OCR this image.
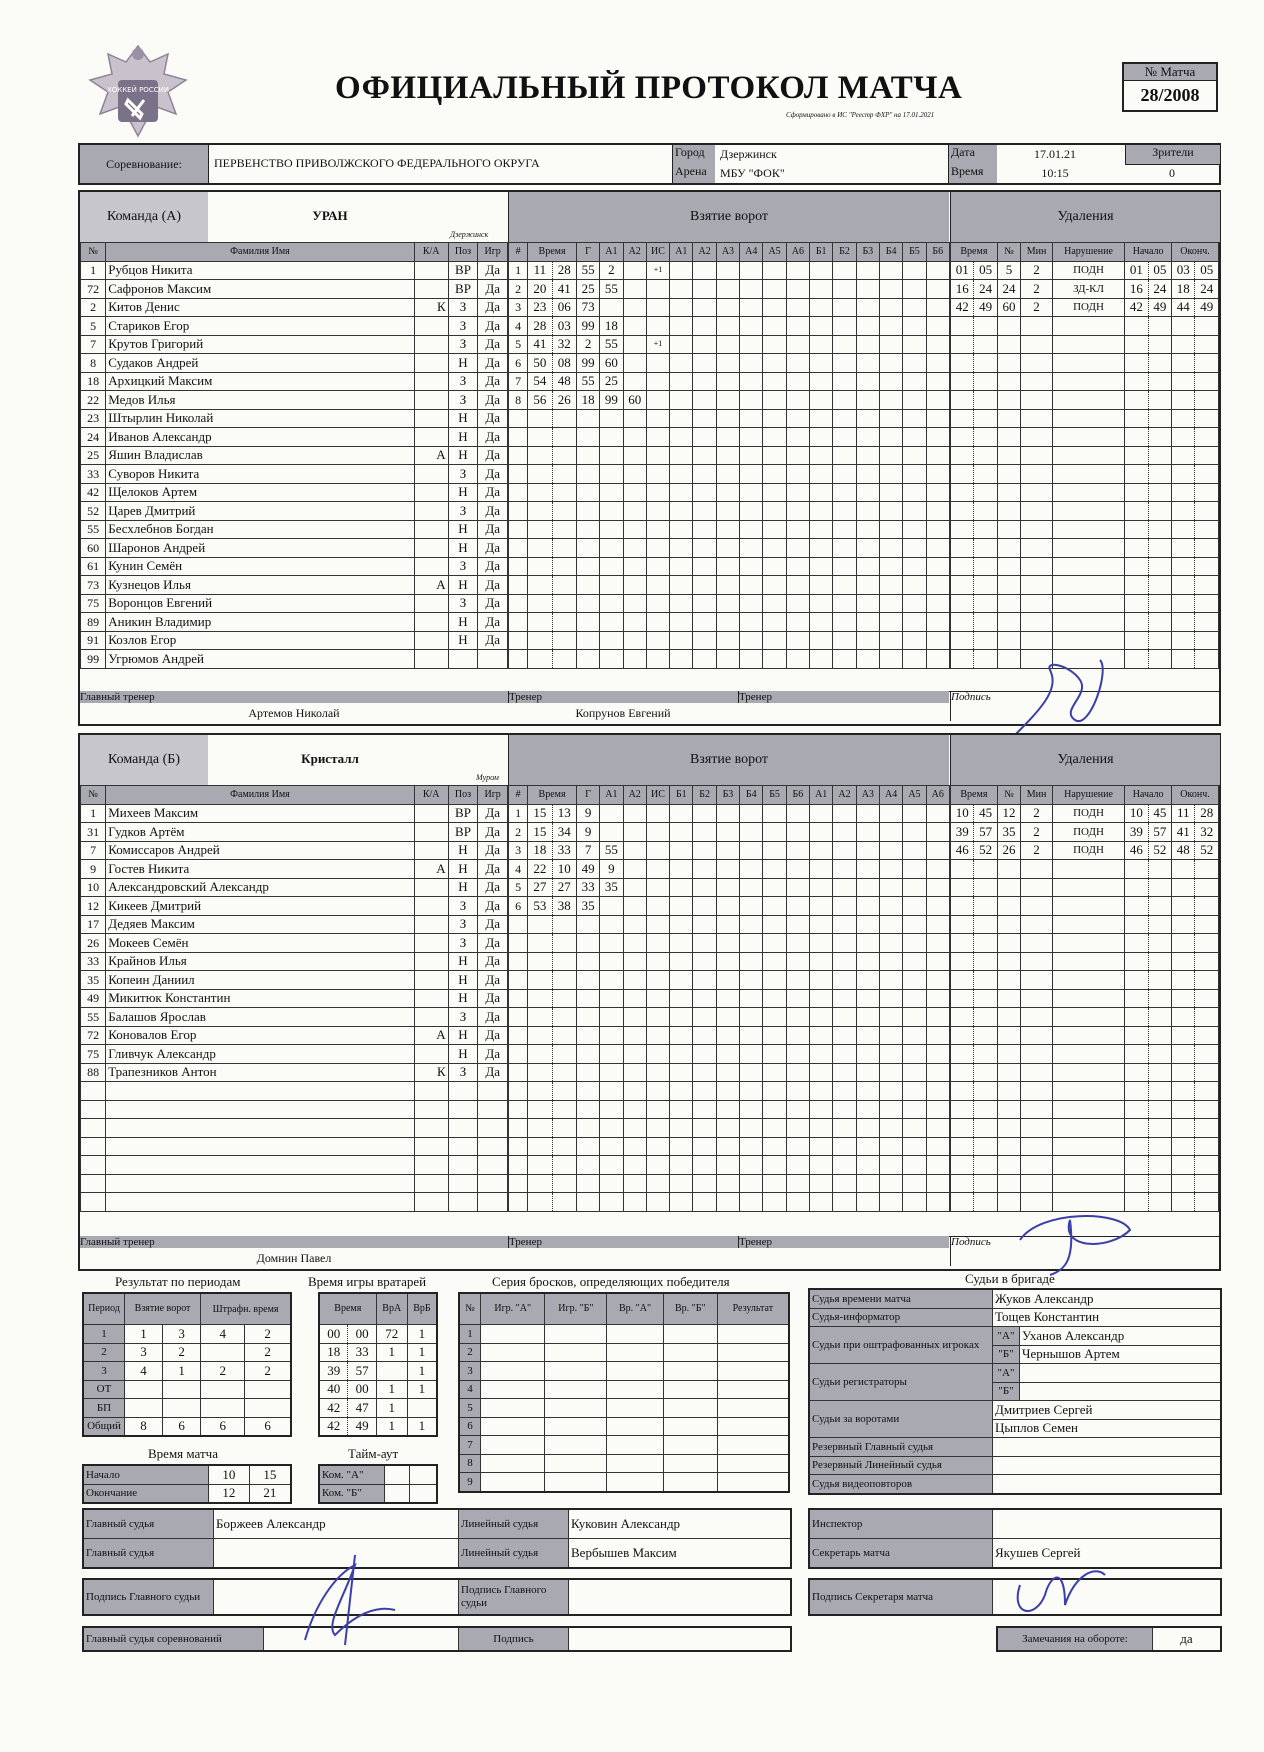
ХОККЕЙ РОССИИ	ОФИЦИАЛЬНЫЙ ПРОТОКОЛ МАТЧА
Сформировано в ИС "Реестр ФХР" на 17.01.2021
№ Матча
28/2008
Соревнование:	ПЕРВЕНСТВО ПРИВОЛЖСКОГО ФЕДЕРАЛЬНОГО ОКРУГА
Город	Дзержинск
Арена	МБУ "ФОК"
Дата	17.01.21
Время	10:15
Зрители
0
Команда (А)	УРАН
Дзержинск
Взятие ворот	Удаления
№	Фамилия Имя	К/А	Поз	Игр
1	Рубцов Никита		ВР	Да
72	Сафронов Максим		ВР	Да
2	Китов Денис	К	З	Да
5	Стариков Егор		З	Да
7	Крутов Григорий		З	Да
8	Судаков Андрей		Н	Да
18	Архицкий Максим		З	Да
22	Медов Илья		З	Да
23	Штырлин Николай		Н	Да
24	Иванов Александр		Н	Да
25	Яшин Владислав	А	Н	Да
33	Суворов Никита		З	Да
42	Щелоков Артем		Н	Да
52	Царев Дмитрий		З	Да
55	Бесхлебнов Богдан		Н	Да
60	Шаронов Андрей		Н	Да
61	Кунин Семён		З	Да
73	Кузнецов Илья	А	Н	Да
75	Воронцов Евгений		З	Да
89	Аникин Владимир		Н	Да
91	Козлов Егор		Н	Да
99	Угрюмов Андрей			
#	Время		Г	А1	А2	ИС	А1	А2	А3	А4	А5	А6	Б1	Б2	Б3	Б4	Б5	Б6
1	11	28	55	2		+1												
2	20	41	25	55														
3	23	06	73															
4	28	03	99	18														
5	41	32	2	55		+1												
6	50	08	99	60														
7	54	48	55	25														
8	56	26	18	99	60													

Время		№	Мин	Нарушение	Начало		Оконч.	
01	05	5	2	ПОДН	01	05	03	05
16	24	24	2	ЗД-КЛ	16	24	18	24
42	49	60	2	ПОДН	42	49	44	49

Главный тренер
Артемов Николай
Тренер
Копрунов Евгений
Тренер	Подпись
Команда (Б)	Кристалл
Муром
Взятие ворот	Удаления
№	Фамилия Имя	К/А	Поз	Игр
1	Михеев Максим		ВР	Да
31	Гудков Артём		ВР	Да
7	Комиссаров Андрей		Н	Да
9	Гостев Никита	А	Н	Да
10	Александровский Александр		Н	Да
12	Кикеев Дмитрий		З	Да
17	Дедяев Максим		З	Да
26	Мокеев Семён		З	Да
33	Крайнов Илья		Н	Да
35	Копеин Даниил		Н	Да
49	Микитюк Константин		Н	Да
55	Балашов Ярослав		З	Да
72	Коновалов Егор	А	Н	Да
75	Гливчук Александр		Н	Да
88	Трапезников Антон	К	З	Да

#	Время		Г	А1	А2	ИС	Б1	Б2	Б3	Б4	Б5	Б6	А1	А2	А3	А4	А5	А6
1	15	13	9															
2	15	34	9															
3	18	33	7	55														
4	22	10	49	9														
5	27	27	33	35														
6	53	38	35															

Время		№	Мин	Нарушение	Начало		Оконч.	
10	45	12	2	ПОДН	10	45	11	28
39	57	35	2	ПОДН	39	57	41	32
46	52	26	2	ПОДН	46	52	48	52

Главный тренер
Домнин Павел
Тренер	Тренер	Подпись
Результат по периодам
Период	Взятие ворот		Штрафн. время	
1	1	3	4	2
2	3	2		2
3	4	1	2	2
ОТ				
БП				
Общий	8	6	6	6
Время матча
Начало	10	15
Окончание	12	21
Время игры вратарей
Время		ВрА	ВрБ
00	00	72	1
18	33	1	1
39	57		1
40	00	1	1
42	47	1	
42	49	1	1
Тайм-аут
Ком. "А"		
Ком. "Б"		
Серия бросков, определяющих победителя
№	Игр. "А"	Игр. "Б"	Вр. "А"	Вр. "Б"	Результат
1					
2					
3					
4					
5					
6					
7					
8					
9					
Судьи в бригаде
Судья времени матча	Жуков Александр	
Судья-информатор	Тощев Константин	
Судьи при оштрафованных игроках	"А"	Уханов Александр
	"Б"	Чернышов Артем
Судьи регистраторы	"А"	
	"Б"	
Судьи за воротами	Дмитриев Сергей	
	Цыплов Семен	
Резервный Главный судья		
Резервный Линейный судья		
Судья видеоповторов		
Главный судья	Боржеев Александр	Линейный судья	Куковин Александр
Главный судья		Линейный судья	Вербышев Максим
Подпись Главного судьи		Подпись Главного судьи	
Главный судья соревнований		Подпись	
Инспектор	
Секретарь матча	Якушев Сергей
Подпись Секретаря матча	
Замечания на обороте:	да
